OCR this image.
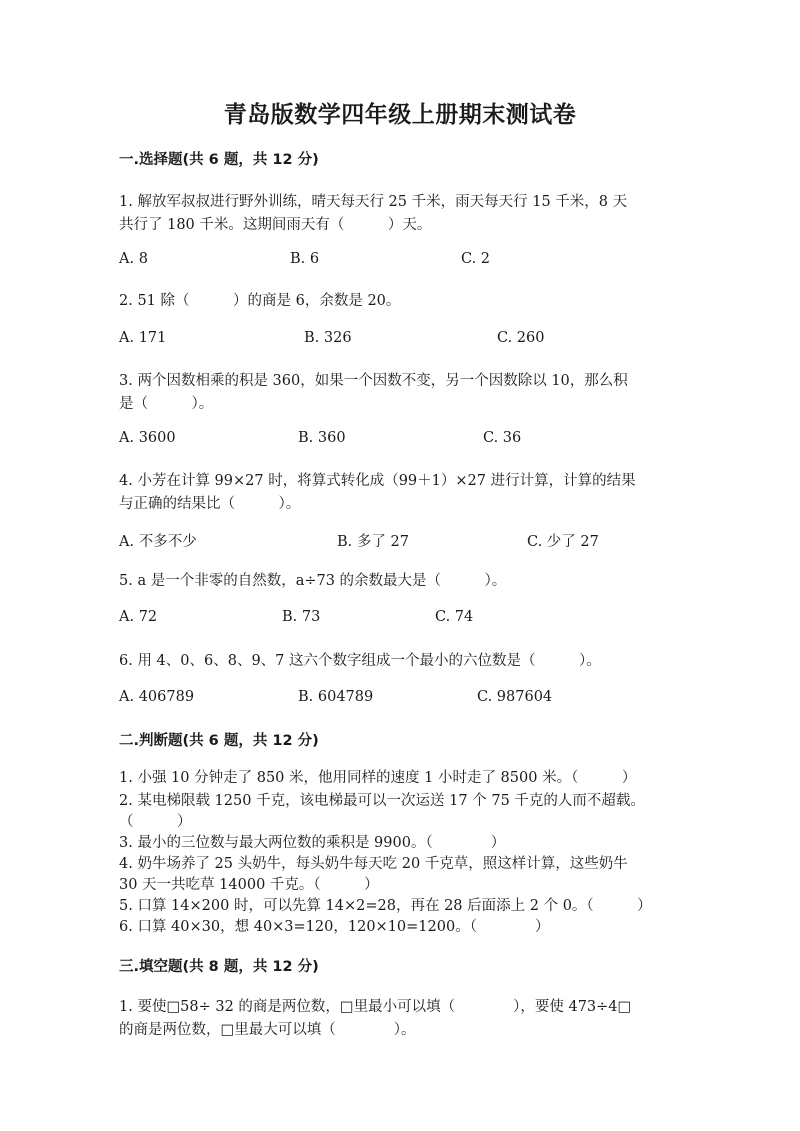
青岛版数学四年级上册期末测试卷
一.选择题(共 6 题，共 12 分)
1. 解放军叔叔进行野外训练，晴天每天行 25 千米，雨天每天行 15 千米，8 天
共行了 180 千米。这期间雨天有（　　　）天。
A. 8	B. 6	C. 2
2. 51 除（　　　）的商是 6，余数是 20。
A. 171	B. 326	C. 260
3. 两个因数相乘的积是 360，如果一个因数不变，另一个因数除以 10，那么积
是（　　　）。
A. 3600	B. 360	C. 36
4. 小芳在计算 99×27 时，将算式转化成（99＋1）×27 进行计算，计算的结果
与正确的结果比（　　　）。
A. 不多不少	B. 多了 27	C. 少了 27
5. a 是一个非零的自然数，a÷73 的余数最大是（　　　）。
A. 72	B. 73	C. 74
6. 用 4、0、6、8、9、7 这六个数字组成一个最小的六位数是（　　　）。
A. 406789	B. 604789	C. 987604
二.判断题(共 6 题，共 12 分)
1. 小强 10 分钟走了 850 米，他用同样的速度 1 小时走了 8500 米。（　　　）
2. 某电梯限载 1250 千克，该电梯最可以一次运送 17 个 75 千克的人而不超载。
（　　　）
3. 最小的三位数与最大两位数的乘积是 9900。（　　　　）
4. 奶牛场养了 25 头奶牛，每头奶牛每天吃 20 千克草，照这样计算，这些奶牛
30 天一共吃草 14000 千克。（　　　）
5. 口算 14×200 时，可以先算 14×2=28，再在 28 后面添上 2 个 0。（　　　）
6. 口算 40×30，想 40×3=120，120×10=1200。（　　　　）
三.填空题(共 8 题，共 12 分)
1. 要使□58÷ 32 的商是两位数，□里最小可以填（　　　　），要使 473÷4□
的商是两位数，□里最大可以填（　　　　）。
